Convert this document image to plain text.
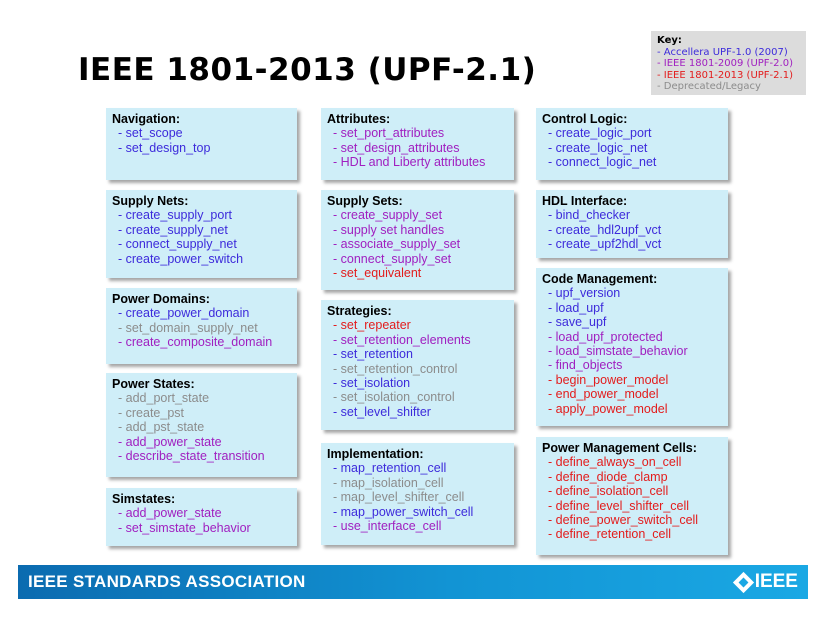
IEEE 1801-2013 (UPF-2.1)
Key:
- Accellera UPF-1.0 (2007)
- IEEE 1801-2009 (UPF-2.0)
- IEEE 1801-2013 (UPF-2.1)
- Deprecated/Legacy
Navigation:
- set_scope
- set_design_top
Supply Nets:
- create_supply_port
- create_supply_net
- connect_supply_net
- create_power_switch
Power Domains:
- create_power_domain
- set_domain_supply_net
- create_composite_domain
Power States:
- add_port_state
- create_pst
- add_pst_state
- add_power_state
- describe_state_transition
Simstates:
- add_power_state
- set_simstate_behavior
Attributes:
- set_port_attributes
- set_design_attributes
- HDL and Liberty attributes
Supply Sets:
- create_supply_set
- supply set handles
- associate_supply_set
- connect_supply_set
- set_equivalent
Strategies:
- set_repeater
- set_retention_elements
- set_retention
- set_retention_control
- set_isolation
- set_isolation_control
- set_level_shifter
Implementation:
- map_retention_cell
- map_isolation_cell
- map_level_shifter_cell
- map_power_switch_cell
- use_interface_cell
Control Logic:
- create_logic_port
- create_logic_net
- connect_logic_net
HDL Interface:
- bind_checker
- create_hdl2upf_vct
- create_upf2hdl_vct
Code Management:
- upf_version
- load_upf
- save_upf
- load_upf_protected
- load_simstate_behavior
- find_objects
- begin_power_model
- end_power_model
- apply_power_model
Power Management Cells:
- define_always_on_cell
- define_diode_clamp
- define_isolation_cell
- define_level_shifter_cell
- define_power_switch_cell
- define_retention_cell
IEEE STANDARDS ASSOCIATION	IEEE
